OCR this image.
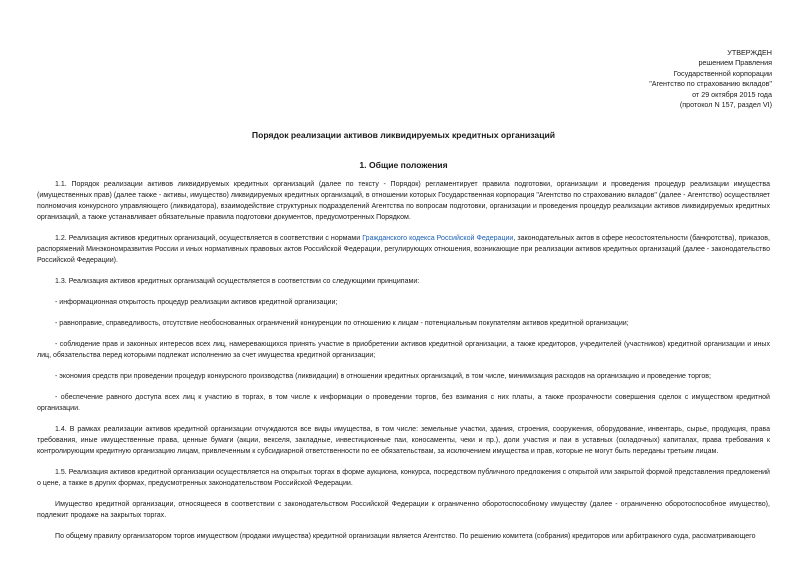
УТВЕРЖДЕН
решением Правления
Государственной корпорации
"Агентство по страхованию вкладов"
от 29 октября 2015 года
(протокол N 157, раздел VI)
Порядок реализации активов ликвидируемых кредитных организаций
1. Общие положения

1.1. Порядок реализации активов ликвидируемых кредитных организаций (далее по тексту - Порядок) регламентирует правила подготовки, организации и проведения процедур реализации имущества (имущественных прав) (далее также - активы, имущество) ликвидируемых кредитных организаций, в отношении которых Государственная корпорация "Агентство по страхованию вкладов" (далее - Агентство) осуществляет полномочия конкурсного управляющего (ликвидатора), взаимодействие структурных подразделений Агентства по вопросам подготовки, организации и проведения процедур реализации активов ликвидируемых кредитных организаций, а также устанавливает обязательные правила подготовки документов, предусмотренных Порядком.

1.2. Реализация активов кредитных организаций, осуществляется в соответствии с нормами Гражданского кодекса Российской Федерации, законодательных актов в сфере несостоятельности (банкротства), приказов, распоряжений Минэкономразвития России и иных нормативных правовых актов Российской Федерации, регулирующих отношения, возникающие при реализации активов кредитных организаций (далее - законодательство Российской Федерации).

1.3. Реализация активов кредитных организаций осуществляется в соответствии со следующими принципами:

- информационная открытость процедур реализации активов кредитной организации;

- равноправие, справедливость, отсутствие необоснованных ограничений конкуренции по отношению к лицам - потенциальным покупателям активов кредитной организации;

- соблюдение прав и законных интересов всех лиц, намеревающихся принять участие в приобретении активов кредитной организации, а также кредиторов, учредителей (участников) кредитной организации и иных лиц, обязательства перед которыми подлежат исполнению за счет имущества кредитной организации;

- экономия средств при проведении процедур конкурсного производства (ликвидации) в отношении кредитных организаций, в том числе, минимизация расходов на организацию и проведение торгов;

- обеспечение равного доступа всех лиц к участию в торгах, в том числе к информации о проведении торгов, без взимания с них платы, а также прозрачности совершения сделок с имуществом кредитной организации.

1.4. В рамках реализации активов кредитной организации отчуждаются все виды имущества, в том числе: земельные участки, здания, строения, сооружения, оборудование, инвентарь, сырье, продукция, права требования, иные имущественные права, ценные бумаги (акции, векселя, закладные, инвестиционные паи, коносаменты, чеки и пр.), доли участия и паи в уставных (складочных) капиталах, права требования к контролирующим кредитную организацию лицам, привлеченным к субсидиарной ответственности по ее обязательствам, за исключением имущества и прав, которые не могут быть переданы третьим лицам.

1.5. Реализация активов кредитной организации осуществляется на открытых торгах в форме аукциона, конкурса, посредством публичного предложения с открытой или закрытой формой представления предложений о цене, а также в других формах, предусмотренных законодательством Российской Федерации.

Имущество кредитной организации, относящееся в соответствии с законодательством Российской Федерации к ограниченно оборотоспособному имуществу (далее - ограниченно оборотоспособное имущество), подлежит продаже на закрытых торгах.

По общему правилу организатором торгов имуществом (продажи имущества) кредитной организации является Агентство. По решению комитета (собрания) кредиторов или арбитражного суда, рассматривающего
